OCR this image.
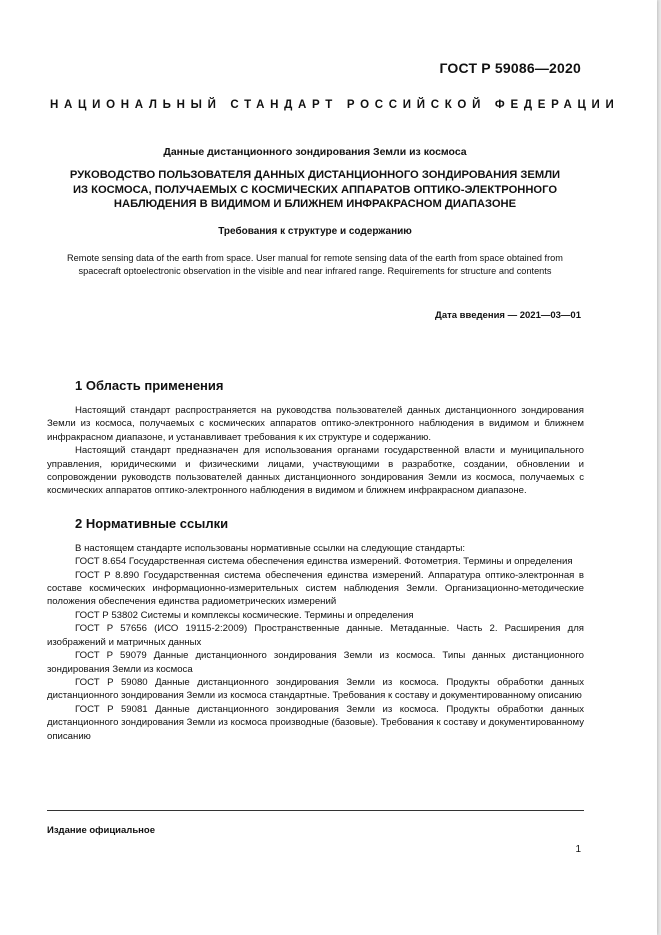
ГОСТ Р 59086—2020
НАЦИОНАЛЬНЫЙ СТАНДАРТ РОССИЙСКОЙ ФЕДЕРАЦИИ
Данные дистанционного зондирования Земли из космоса
РУКОВОДСТВО ПОЛЬЗОВАТЕЛЯ ДАННЫХ ДИСТАНЦИОННОГО ЗОНДИРОВАНИЯ ЗЕМЛИ
ИЗ КОСМОСА, ПОЛУЧАЕМЫХ С КОСМИЧЕСКИХ АППАРАТОВ ОПТИКО-ЭЛЕКТРОННОГО
НАБЛЮДЕНИЯ В ВИДИМОМ И БЛИЖНЕМ ИНФРАКРАСНОМ ДИАПАЗОНЕ
Требования к структуре и содержанию
Remote sensing data of the earth from space. User manual for remote sensing data of the earth from space obtained from spacecraft optoelectronic observation in the visible and near infrared range. Requirements for structure and contents
Дата введения — 2021—03—01
1 Область применения

Настоящий стандарт распространяется на руководства пользователей данных дистанционного зондирования Земли из космоса, получаемых с космических аппаратов оптико-электронного наблюдения в видимом и ближнем инфракрасном диапазоне, и устанавливает требования к их структуре и содержанию.

Настоящий стандарт предназначен для использования органами государственной власти и муниципального управления, юридическими и физическими лицами, участвующими в разработке, создании, обновлении и сопровождении руководств пользователей данных дистанционного зондирования Земли из космоса, получаемых с космических аппаратов оптико-электронного наблюдения в видимом и ближнем инфракрасном диапазоне.

2 Нормативные ссылки

В настоящем стандарте использованы нормативные ссылки на следующие стандарты:

ГОСТ 8.654 Государственная система обеспечения единства измерений. Фотометрия. Термины и определения

ГОСТ Р 8.890 Государственная система обеспечения единства измерений. Аппаратура оптико-электронная в составе космических информационно-измерительных систем наблюдения Земли. Организационно-методические положения обеспечения единства радиометрических измерений

ГОСТ Р 53802 Системы и комплексы космические. Термины и определения

ГОСТ Р 57656 (ИСО 19115-2:2009) Пространственные данные. Метаданные. Часть 2. Расширения для изображений и матричных данных

ГОСТ Р 59079 Данные дистанционного зондирования Земли из космоса. Типы данных дистанционного зондирования Земли из космоса

ГОСТ Р 59080 Данные дистанционного зондирования Земли из космоса. Продукты обработки данных дистанционного зондирования Земли из космоса стандартные. Требования к составу и документированному описанию

ГОСТ Р 59081 Данные дистанционного зондирования Земли из космоса. Продукты обработки данных дистанционного зондирования Земли из космоса производные (базовые). Требования к составу и документированному описанию

Издание официальное
1
